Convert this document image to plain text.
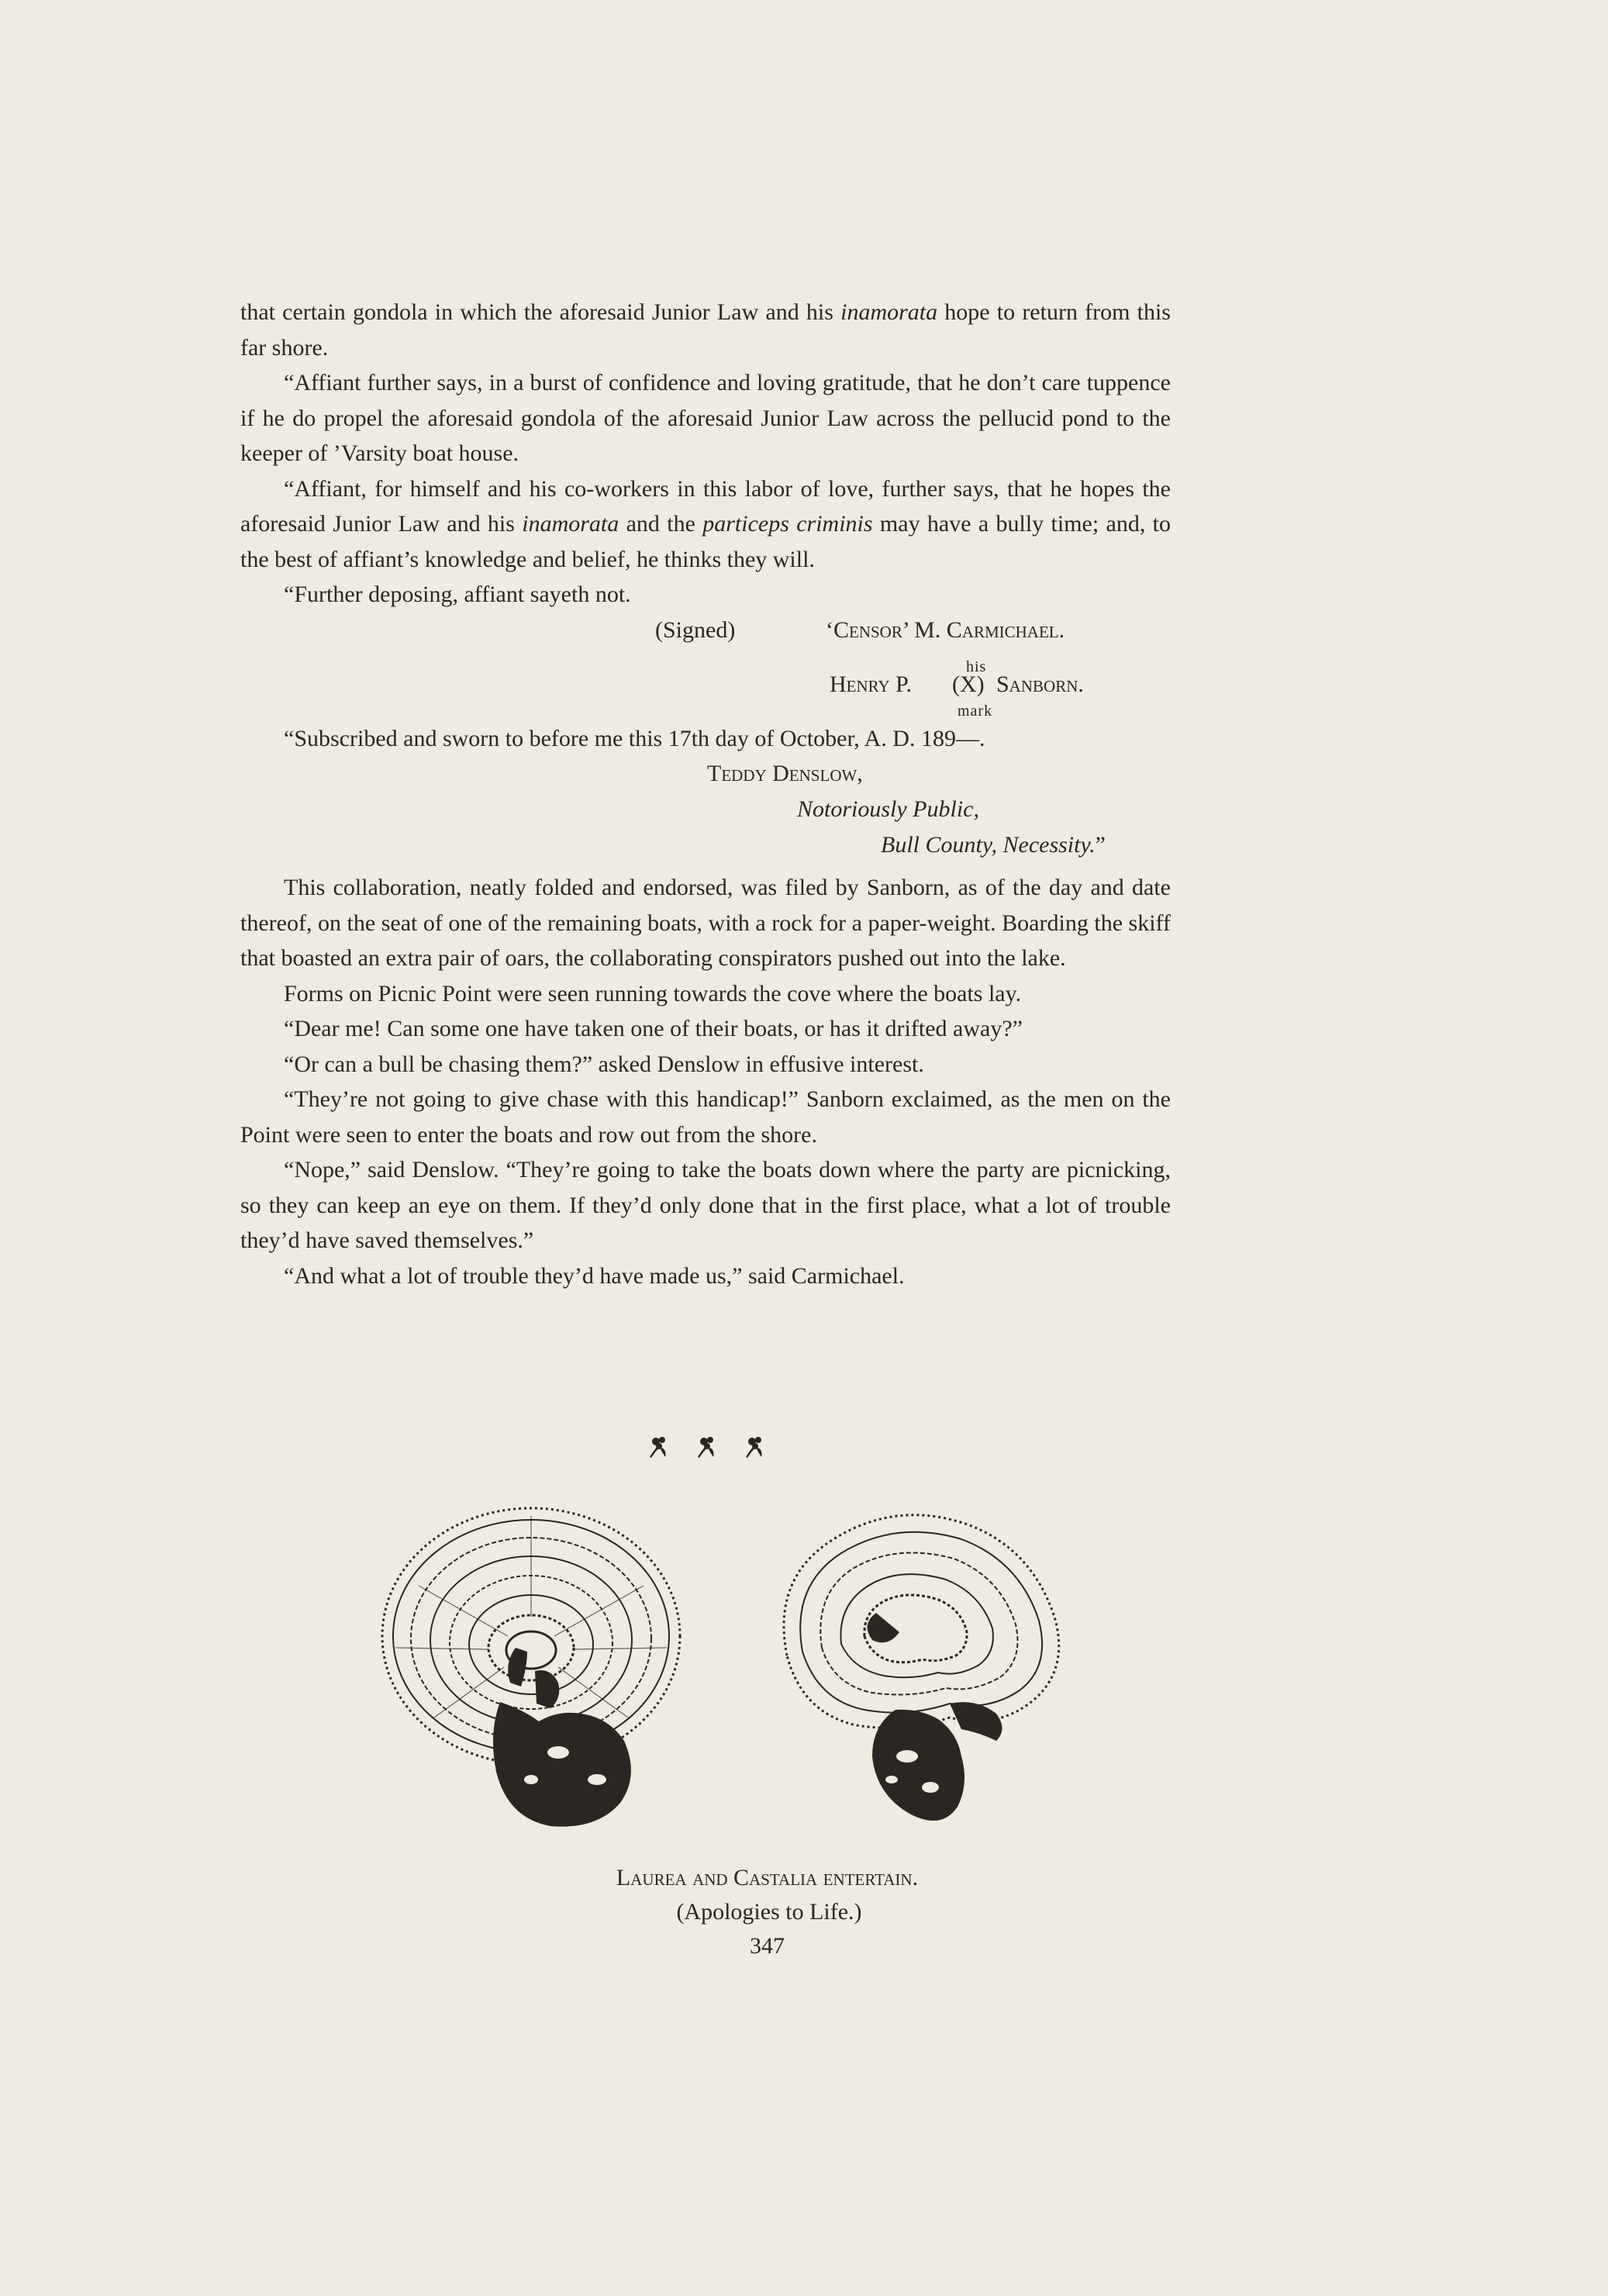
that certain gondola in which the aforesaid Junior Law and his inamorata hope to return from this far shore.

“Affiant further says, in a burst of confidence and loving gratitude, that he don’t care tuppence if he do propel the aforesaid gondola of the aforesaid Junior Law across the pellucid pond to the keeper of ’Varsity boat house.

“Affiant, for himself and his co-workers in this labor of love, further says, that he hopes the aforesaid Junior Law and his inamorata and the particeps criminis may have a bully time; and, to the best of affiant’s knowledge and belief, he thinks they will.

“Further deposing, affiant sayeth not.

(Signed)	‘Censor’ M. Carmichael.
his
Henry P. (X) Sanborn.
mark

“Subscribed and sworn to before me this 17th day of October, A. D. 189—.

Teddy Denslow,
Notoriously Public,
Bull County, Necessity.”

This collaboration, neatly folded and endorsed, was filed by Sanborn, as of the day and date thereof, on the seat of one of the remaining boats, with a rock for a paper-weight. Boarding the skiff that boasted an extra pair of oars, the collaborating conspirators pushed out into the lake.

Forms on Picnic Point were seen running towards the cove where the boats lay.

“Dear me! Can some one have taken one of their boats, or has it drifted away?”

“Or can a bull be chasing them?” asked Denslow in effusive interest.

“They’re not going to give chase with this handicap!” Sanborn exclaimed, as the men on the Point were seen to enter the boats and row out from the shore.

“Nope,” said Denslow. “They’re going to take the boats down where the party are picnicking, so they can keep an eye on them. If they’d only done that in the first place, what a lot of trouble they’d have saved themselves.”

“And what a lot of trouble they’d have made us,” said Carmichael.

Laurea and Castalia entertain.
(Apologies to Life.)
347
